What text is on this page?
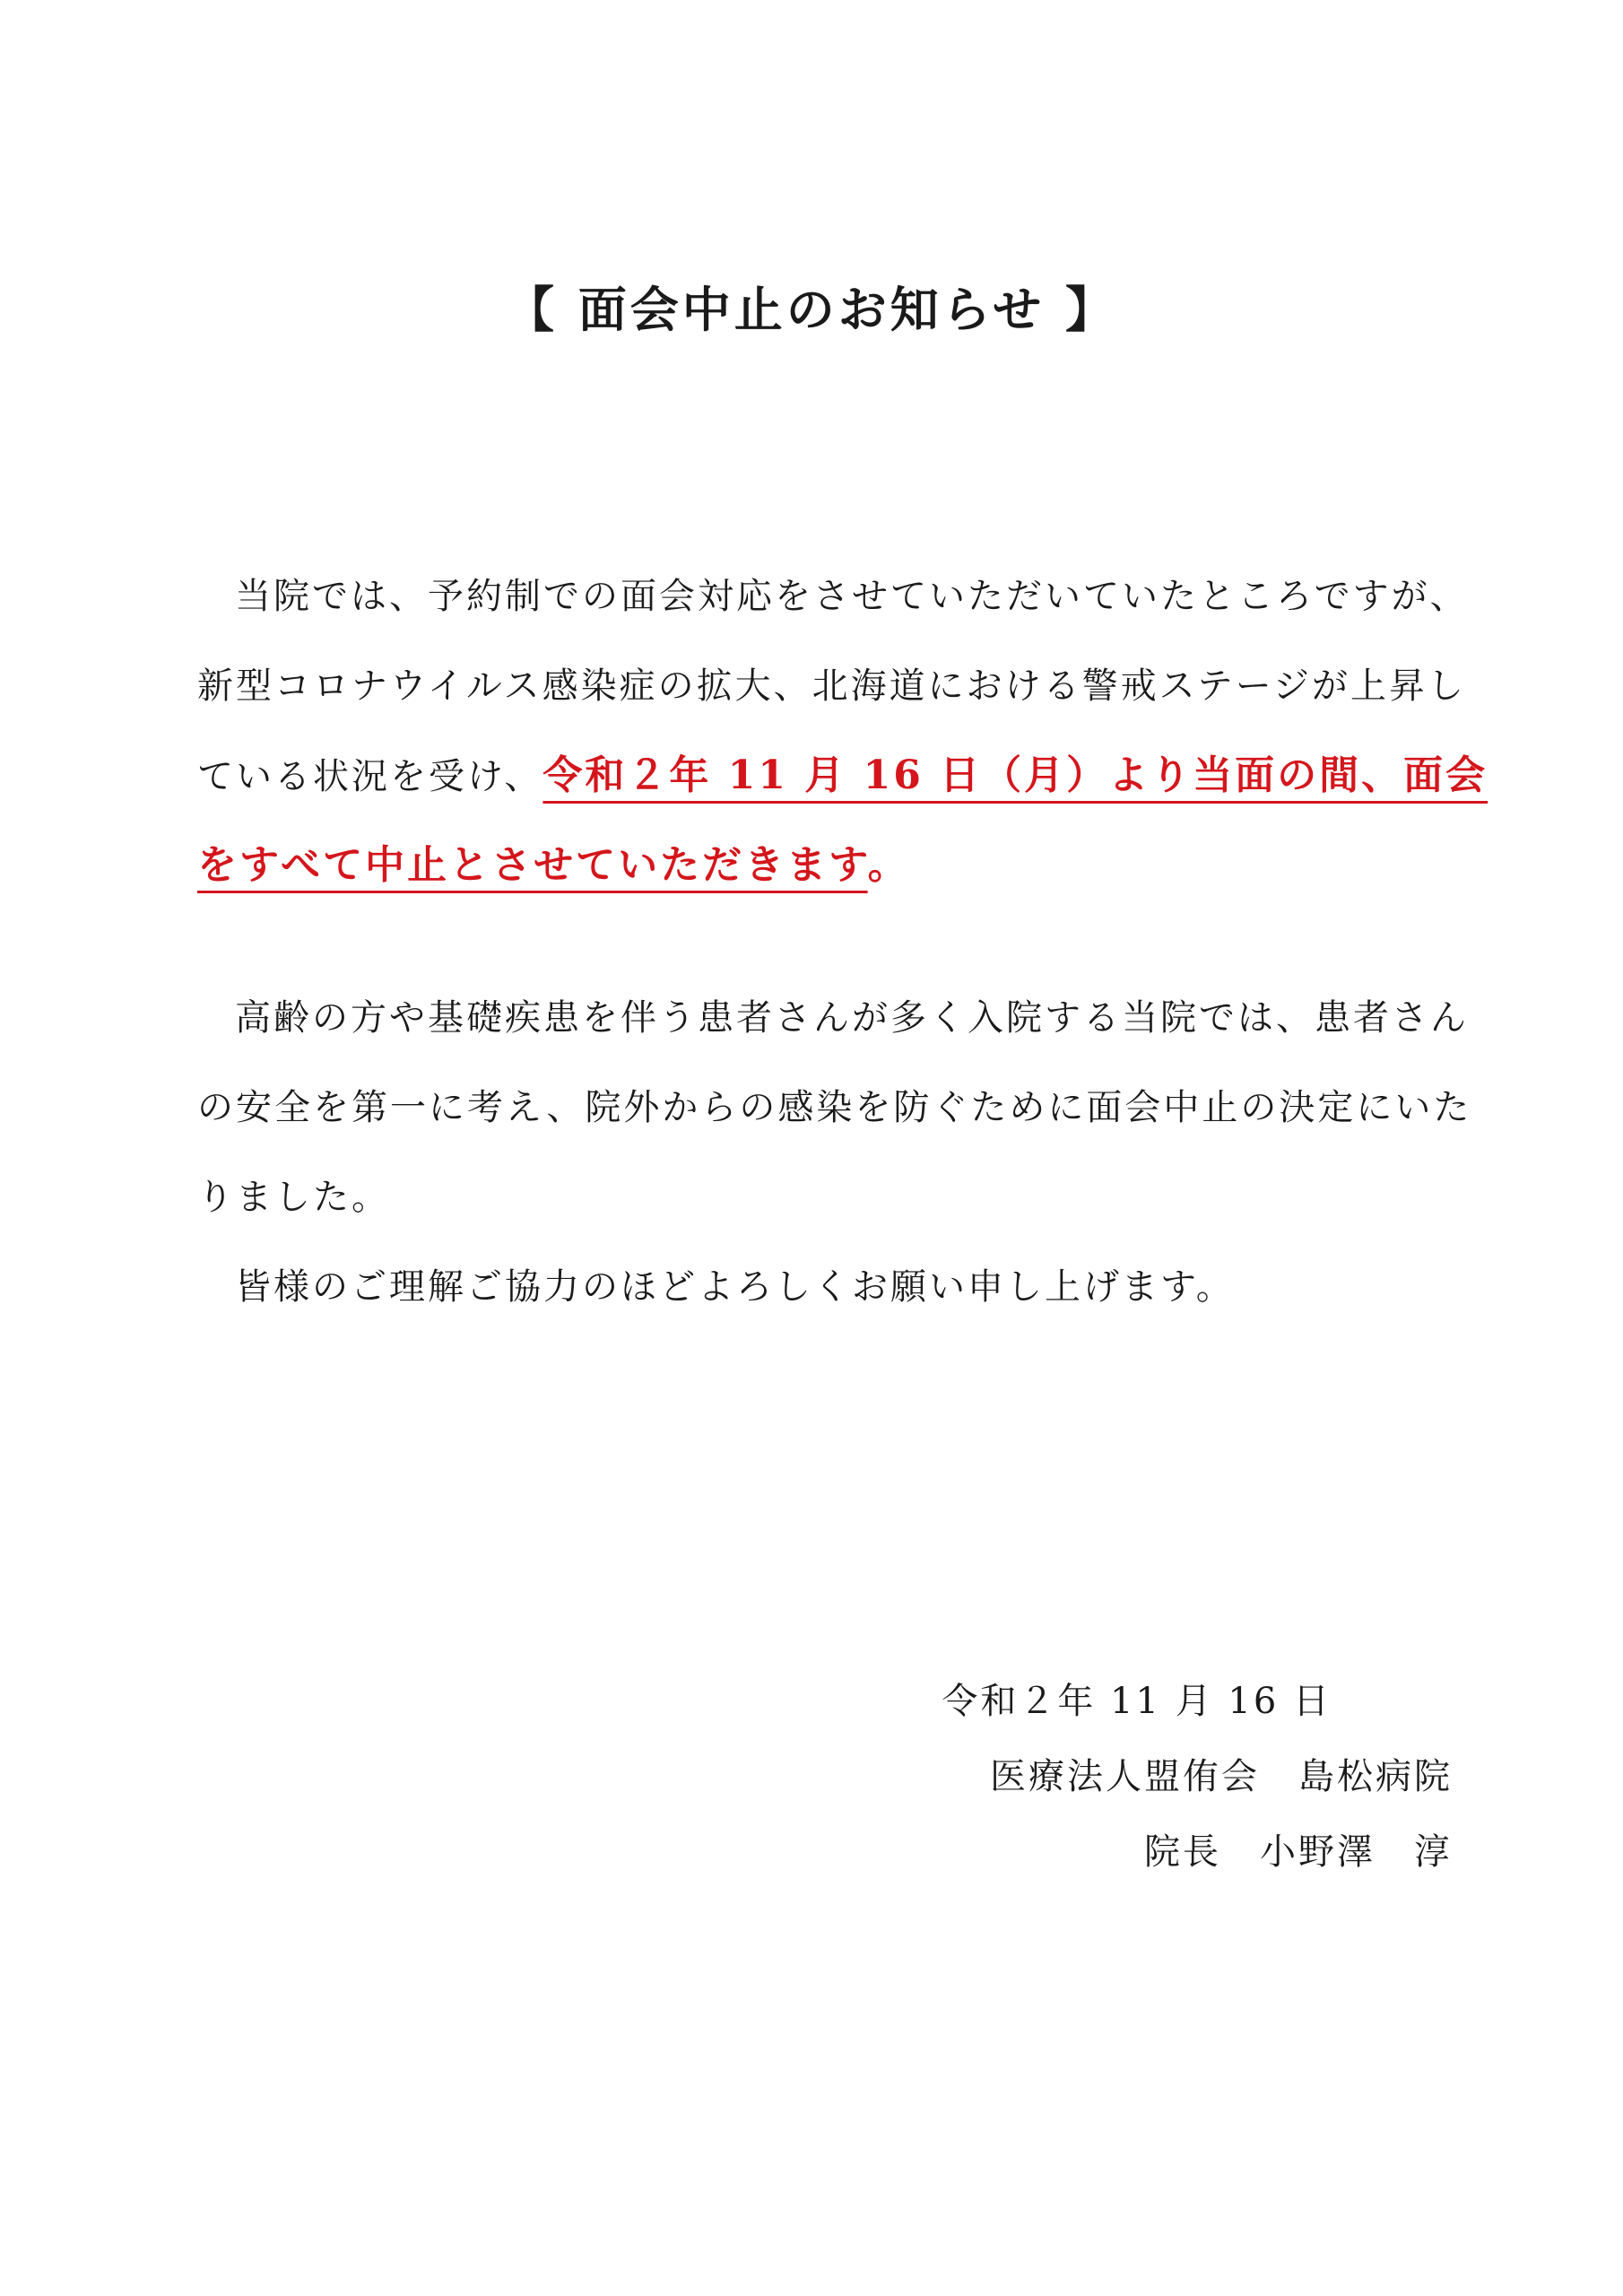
【 面会中止のお知らせ 】
当院では、予約制での面会対応をさせていただいていたところですが、
新型コロナウイルス感染症の拡大、北海道における警戒ステージが上昇し
ている状況を受け、令和２年 11 月 16 日（月）より当面の間、面会
をすべて中止とさせていただきます。
高齢の方や基礎疾患を伴う患者さんが多く入院する当院では、患者さん
の安全を第一に考え、院外からの感染を防ぐために面会中止の決定にいた
りました。
皆様のご理解ご協力のほどよろしくお願い申し上げます。
令和２年 11 月 16 日
医療法人盟侑会　島松病院
院長　小野澤　淳
